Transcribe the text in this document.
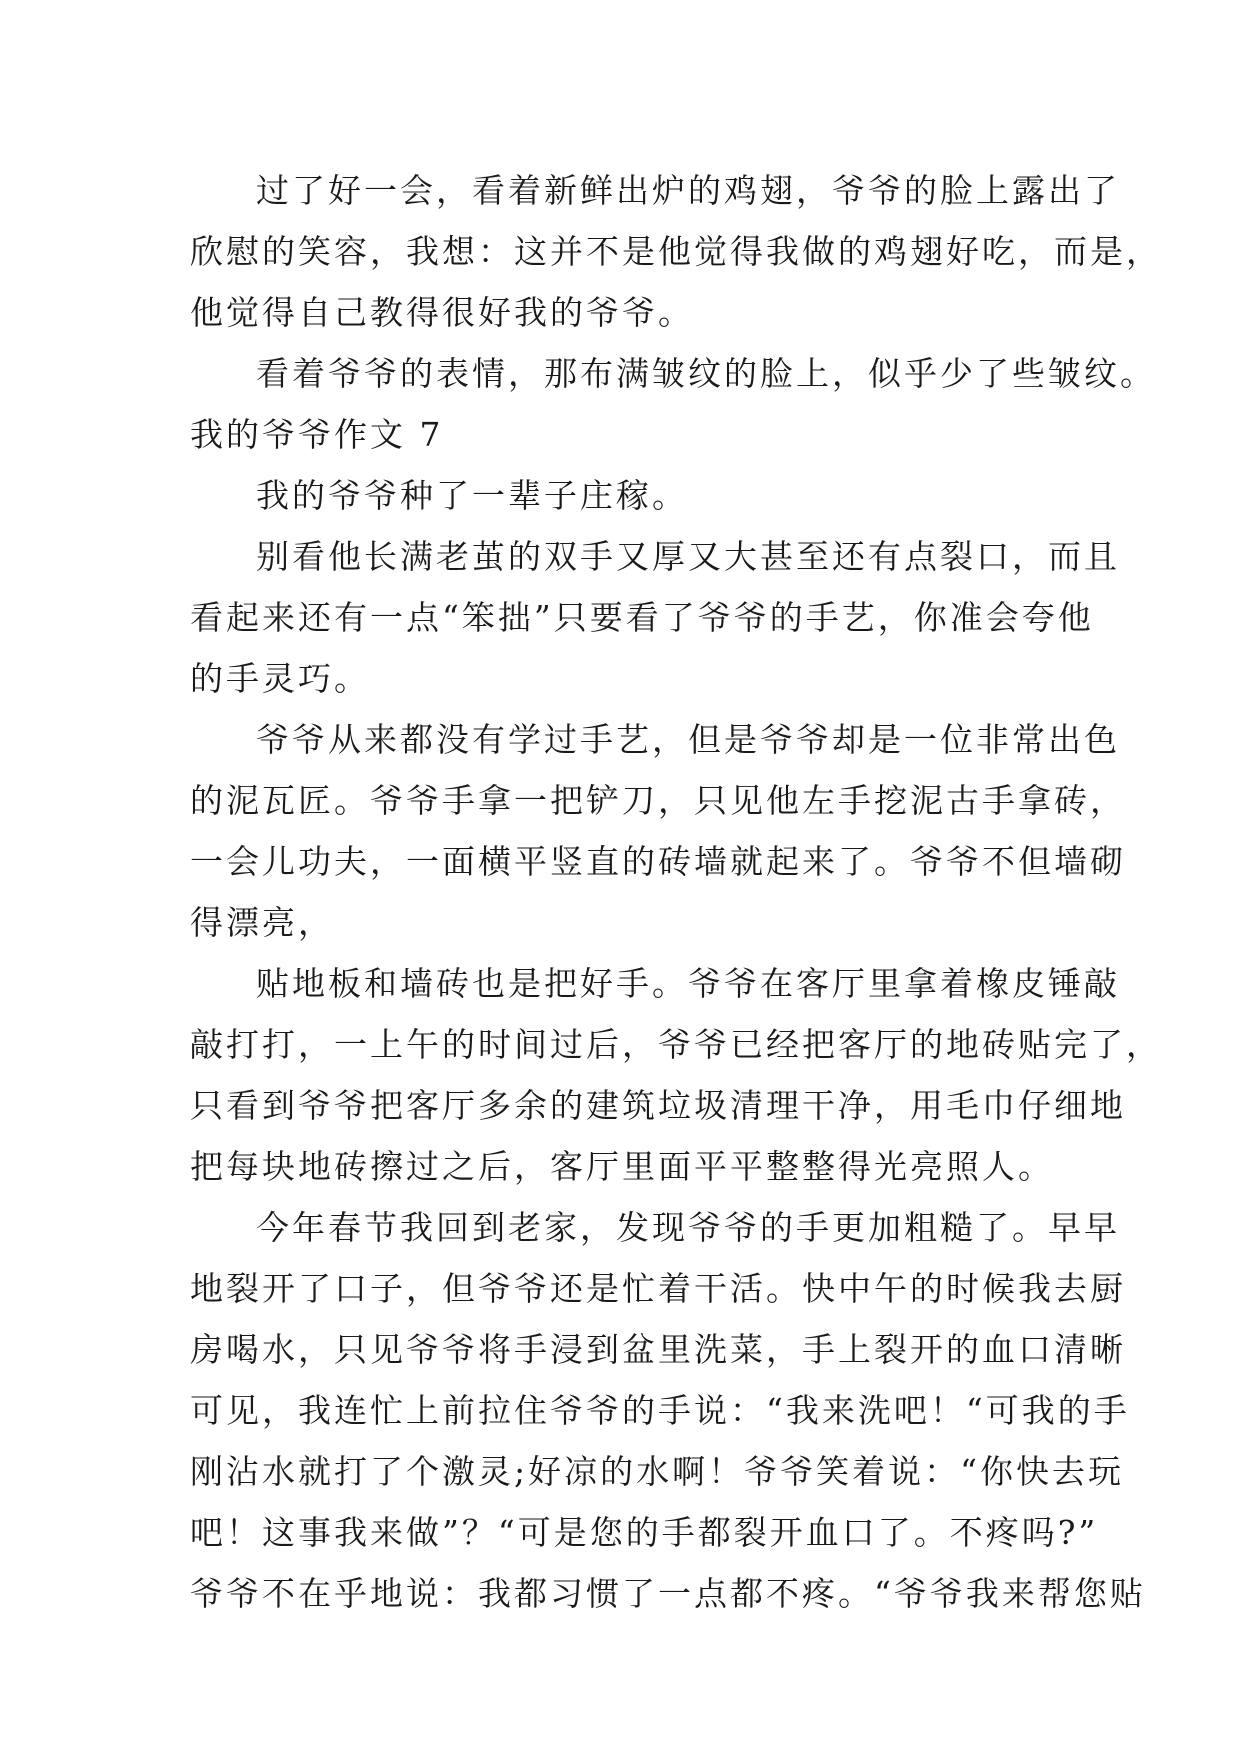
过了好一会，看着新鲜出炉的鸡翅，爷爷的脸上露出了
欣慰的笑容，我想：这并不是他觉得我做的鸡翅好吃，而是，
他觉得自己教得很好我的爷爷。
看着爷爷的表情，那布满皱纹的脸上，似乎少了些皱纹。
我的爷爷作文 7
我的爷爷种了一辈子庄稼。
别看他长满老茧的双手又厚又大甚至还有点裂口，而且
看起来还有一点“笨拙”只要看了爷爷的手艺，你准会夸他
的手灵巧。
爷爷从来都没有学过手艺，但是爷爷却是一位非常出色
的泥瓦匠。爷爷手拿一把铲刀，只见他左手挖泥古手拿砖，
一会儿功夫，一面横平竖直的砖墙就起来了。爷爷不但墙砌
得漂亮，
贴地板和墙砖也是把好手。爷爷在客厅里拿着橡皮锤敲
敲打打，一上午的时间过后，爷爷已经把客厅的地砖贴完了，
只看到爷爷把客厅多余的建筑垃圾清理干净，用毛巾仔细地
把每块地砖擦过之后，客厅里面平平整整得光亮照人。
今年春节我回到老家，发现爷爷的手更加粗糙了。早早
地裂开了口子，但爷爷还是忙着干活。快中午的时候我去厨
房喝水，只见爷爷将手浸到盆里洗菜，手上裂开的血口清晰
可见，我连忙上前拉住爷爷的手说：“我来洗吧！“可我的手
刚沾水就打了个激灵;好凉的水啊！爷爷笑着说：“你快去玩
吧！这事我来做”？“可是您的手都裂开血口了。不疼吗?”
爷爷不在乎地说：我都习惯了一点都不疼。“爷爷我来帮您贴
